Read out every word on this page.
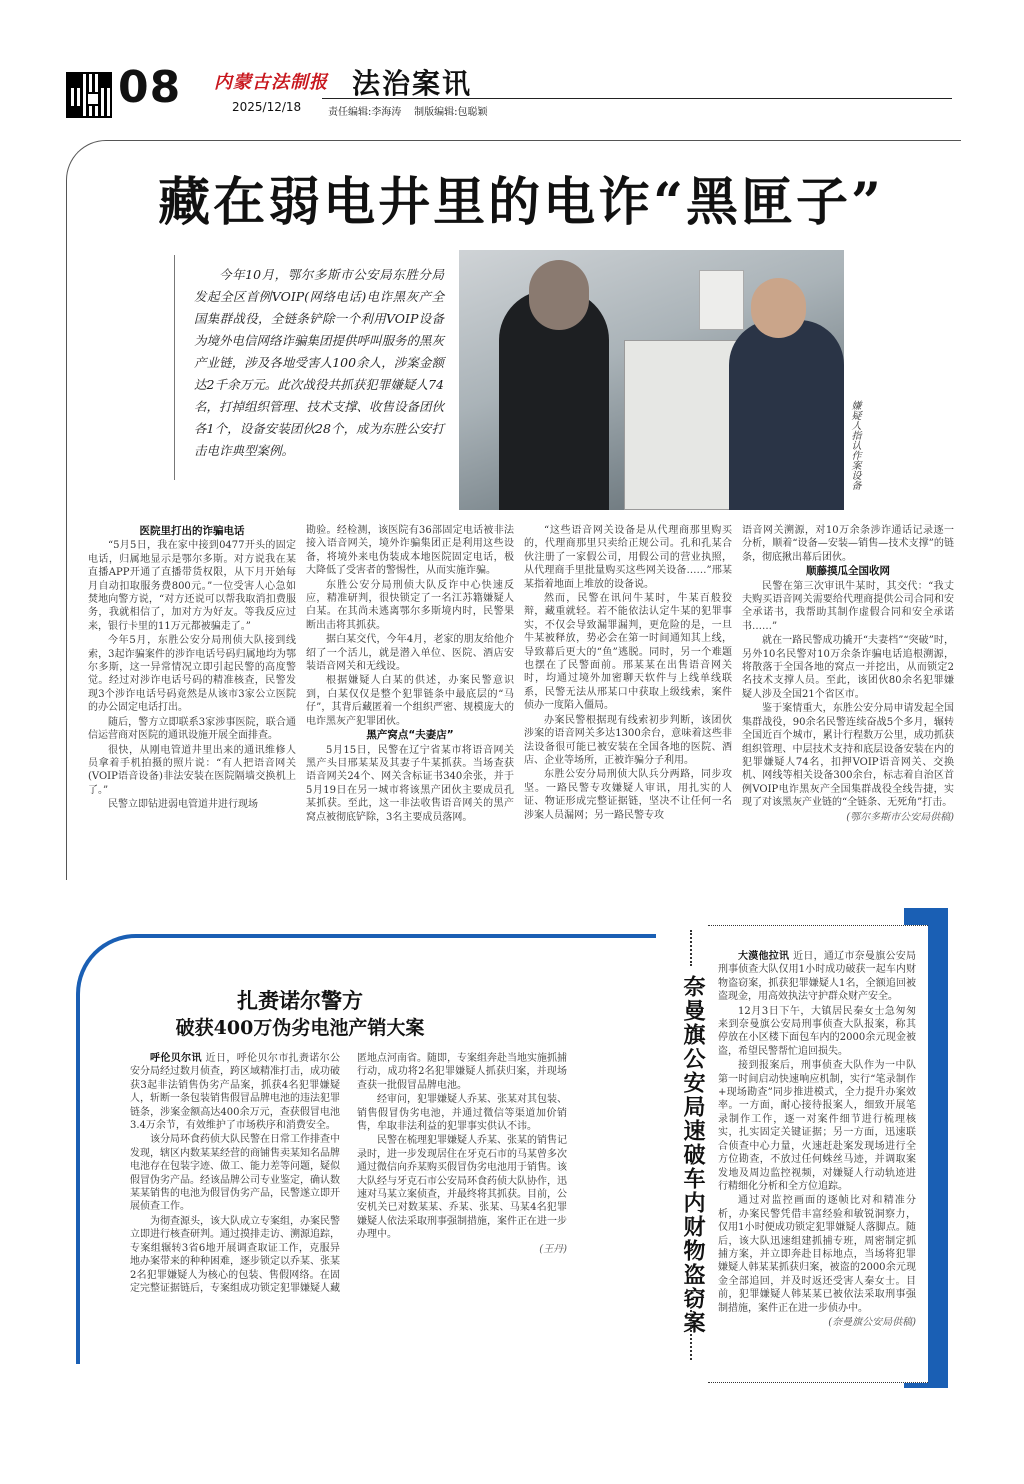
08 内蒙古法制报
2025/12/18
法治案讯
责任编辑:李海涛    制版编辑:包聪颖
藏在弱电井里的电诈“黑匣子”
今年10月，鄂尔多斯市公安局东胜分局发起全区首例VOIP(网络电话)电诈黑灰产全国集群战役，全链条铲除一个利用VOIP设备为境外电信网络诈骗集团提供呼叫服务的黑灰产业链，涉及各地受害人100余人，涉案金额达2千余万元。此次战役共抓获犯罪嫌疑人74名，打掉组织管理、技术支撑、收售设备团伙各1个，设备安装团伙28个，成为东胜公安打击电诈典型案例。	嫌疑人指认作案设备

医院里打出的诈骗电话

“5月5日，我在家中接到0477开头的固定电话，归属地显示是鄂尔多斯。对方说我在某直播APP开通了直播带货权限，从下月开始每月自动扣取服务费800元。”一位受害人心急如焚地向警方说，“对方还说可以帮我取消扣费服务，我就相信了，加对方为好友。等我反应过来，银行卡里的11万元都被骗走了。”

今年5月，东胜公安分局刑侦大队接到线索，3起诈骗案件的涉诈电话号码归属地均为鄂尔多斯，这一异常情况立即引起民警的高度警觉。经过对涉诈电话号码的精准核查，民警发现3个涉诈电话号码竟然是从该市3家公立医院的办公固定电话打出。

随后，警方立即联系3家涉事医院，联合通信运营商对医院的通讯设施开展全面排查。

很快，从刚电管道井里出来的通讯维修人员拿着手机拍摄的照片说：“有人把语音网关(VOIP语音设备)非法安装在医院隔墙交换机上了。”

民警立即钻进弱电管道井进行现场

勘验。经检测，该医院有36部固定电话被非法接入语音网关，境外诈骗集团正是利用这些设备，将境外来电伪装成本地医院固定电话，极大降低了受害者的警惕性，从而实施诈骗。

东胜公安分局刑侦大队反诈中心快速反应，精准研判，很快锁定了一名江苏籍嫌疑人白某。在其尚未逃离鄂尔多斯境内时，民警果断出击将其抓获。

据白某交代，今年4月，老家的朋友给他介绍了一个活儿，就是潜入单位、医院、酒店安装语音网关和无线设。

根据嫌疑人白某的供述，办案民警意识到，白某仅仅是整个犯罪链条中最底层的“马仔”，其背后藏匿着一个组织严密、规模庞大的电诈黑灰产犯罪团伙。

黑产窝点“夫妻店”

5月15日，民警在辽宁省某市将语音网关黑产头目邢某某及其妻子牛某抓获。当场查获语音网关24个、网关含标证书340余张，并于5月19日在另一城市将该黑产团伙主要成员孔某抓获。至此，这一非法收售语音网关的黑产窝点被彻底铲除，3名主要成员落网。

“这些语音网关设备是从代理商那里购买的，代理商那里只卖给正规公司。孔和孔某合伙注册了一家假公司，用假公司的营业执照，从代理商手里批量购买这些网关设备……”邢某某指着地面上堆放的设备说。

然而，民警在讯问牛某时，牛某百般狡辩，藏重就轻。若不能依法认定牛某的犯罪事实，不仅会导致漏罪漏判，更危险的是，一旦牛某被释放，势必会在第一时间通知其上线，导致幕后更大的“鱼”逃脱。同时，另一个难题也摆在了民警面前。邢某某在出售语音网关时，均通过境外加密聊天软件与上线单线联系，民警无法从邢某口中获取上级线索，案件侦办一度陷入僵局。

办案民警根据现有线索初步判断，该团伙涉案的语音网关多达1300余台，意味着这些非法设备很可能已被安装在全国各地的医院、酒店、企业等场所，正被诈骗分子利用。

东胜公安分局刑侦大队兵分两路，同步攻坚。一路民警专攻嫌疑人审讯，用扎实的人证、物证形成完整证据链，坚决不让任何一名涉案人员漏网；另一路民警专攻

语音网关溯源，对10万余条涉诈通话记录逐一分析，顺着“设备—安装—销售—技术支撑”的链条，彻底揪出幕后团伙。

顺藤摸瓜全国收网

民警在第三次审讯牛某时，其交代：“我丈夫购买语音网关需要给代理商提供公司合同和安全承诺书，我帮助其制作虚假合同和安全承诺书……”

就在一路民警成功撬开“夫妻档”“突破”时，另外10名民警对10万余条诈骗电话追根溯源，将散落于全国各地的窝点一并挖出，从而锁定2名技术支撑人员。至此，该团伙80余名犯罪嫌疑人涉及全国21个省区市。

鉴于案情重大，东胜公安分局申请发起全国集群战役，90余名民警连续奋战5个多月，辗转全国近百个城市，累计行程数万公里，成功抓获组织管理、中层技术支持和底层设备安装在内的犯罪嫌疑人74名，扣押VOIP语音网关、交换机、网线等相关设备300余台，标志着自治区首例VOIP电诈黑灰产全国集群战役全线告捷，实现了对该黑灰产业链的“全链条、无死角”打击。

(鄂尔多斯市公安局供稿)

扎赉诺尔警方
破获400万伪劣电池产销大案

呼伦贝尔讯 近日，呼伦贝尔市扎赉诺尔公安分局经过数月侦查，跨区域精准打击，成功破获3起非法销售伪劣产品案，抓获4名犯罪嫌疑人，斩断一条包装销售假冒品牌电池的违法犯罪链条，涉案金额高达400余万元，查获假冒电池3.4万余节，有效维护了市场秩序和消费安全。

该分局环食药侦大队民警在日常工作排查中发现，辖区内数某某经营的商铺售卖某知名品牌电池存在包装字迹、做工、能力差等问题，疑似假冒伪劣产品。经该品牌公司专业鉴定，确认数某某销售的电池为假冒伪劣产品，民警遂立即开展侦查工作。

为彻查源头，该大队成立专案组，办案民警立即进行核查研判。通过摸排走访、溯源追踪，专案组辗转3省6地开展调查取证工作，克服异地办案带来的种种困难，逐步锁定以乔某、张某2名犯罪嫌疑人为核心的包装、售假网络。在固定完整证据链后，专案组成功锁定犯罪嫌疑人藏

匿地点河南省。随即，专案组奔赴当地实施抓捕行动，成功将2名犯罪嫌疑人抓获归案，并现场查获一批假冒品牌电池。

经审问，犯罪嫌疑人乔某、张某对其包装、销售假冒伪劣电池，并通过微信等渠道加价销售，牟取非法利益的犯罪事实供认不讳。

民警在梳理犯罪嫌疑人乔某、张某的销售记录时，进一步发现居住在牙克石市的马某曾多次通过微信向乔某购买假冒伪劣电池用于销售。该大队经与牙克石市公安局环食药侦大队协作，迅速对马某立案侦查，并最终将其抓获。目前，公安机关已对数某某、乔某、张某、马某4名犯罪嫌疑人依法采取刑事强制措施，案件正在进一步办理中。

(王丹)	奈曼旗公安局速破车内财物盗窃案

大漠他拉讯 近日，通辽市奈曼旗公安局刑事侦查大队仅用1小时成功破获一起车内财物盗窃案，抓获犯罪嫌疑人1名，全额追回被盗现金，用高效执法守护群众财产安全。

12月3日下午，大镇居民秦女士急匆匆来到奈曼旗公安局刑事侦查大队报案，称其停放在小区楼下面包车内的2000余元现金被盗，希望民警帮忙追回损失。

接到报案后，刑事侦查大队作为一中队第一时间启动快速响应机制，实行“笔录制作+现场勘查”同步推进模式，全力提升办案效率。一方面，耐心接待报案人，细致开展笔录制作工作，逐一对案件细节进行梳理核实，扎实固定关键证据；另一方面，迅速联合侦查中心力量，火速赶赴案发现场进行全方位勘查，不放过任何蛛丝马迹，并调取案发地及周边监控视频，对嫌疑人行动轨迹进行精细化分析和全方位追踪。

通过对监控画面的逐帧比对和精准分析，办案民警凭借丰富经验和敏锐洞察力，仅用1小时便成功锁定犯罪嫌疑人落脚点。随后，该大队迅速组建抓捕专班，周密制定抓捕方案，并立即奔赴目标地点，当场将犯罪嫌疑人韩某某抓获归案，被盗的2000余元现金全部追回，并及时返还受害人秦女士。目前，犯罪嫌疑人韩某某已被依法采取刑事强制措施，案件正在进一步侦办中。

(奈曼旗公安局供稿)
